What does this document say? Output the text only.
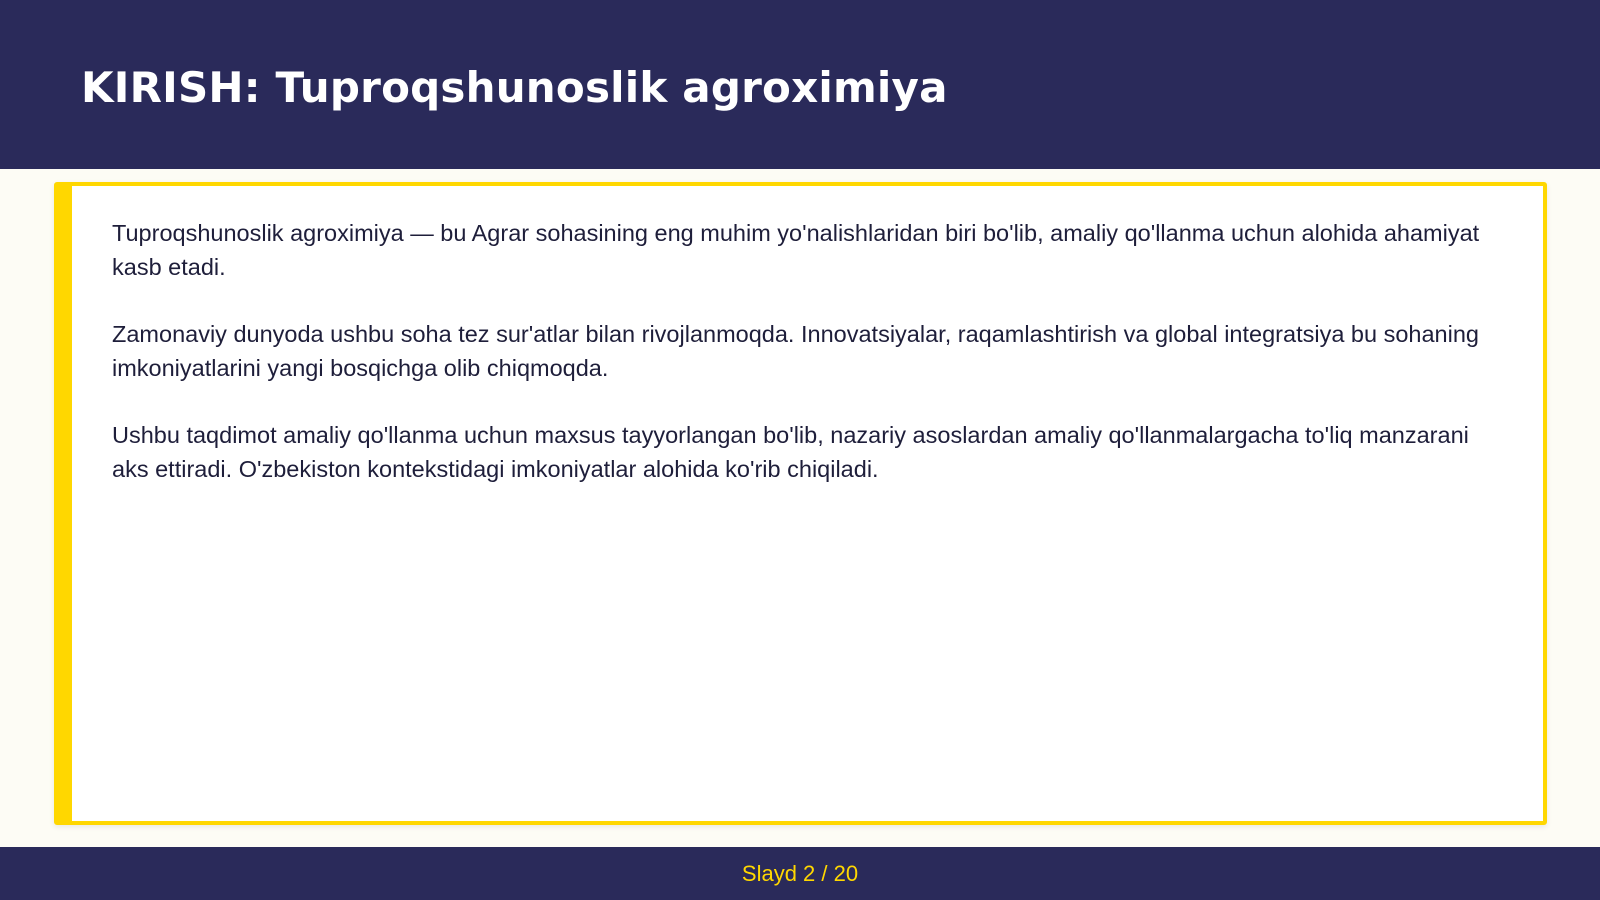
KIRISH: Tuproqshunoslik agroximiya

Tuproqshunoslik agroximiya — bu Agrar sohasining eng muhim yo'nalishlaridan biri bo'lib, amaliy qo'llanma uchun alohida ahamiyat kasb etadi.

Zamonaviy dunyoda ushbu soha tez sur'atlar bilan rivojlanmoqda. Innovatsiyalar, raqamlashtirish va global integratsiya bu sohaning imkoniyatlarini yangi bosqichga olib chiqmoqda.

Ushbu taqdimot amaliy qo'llanma uchun maxsus tayyorlangan bo'lib, nazariy asoslardan amaliy qo'llanmalargacha to'liq manzarani aks ettiradi. O'zbekiston kontekstidagi imkoniyatlar alohida ko'rib chiqiladi.

Slayd 2 / 20
